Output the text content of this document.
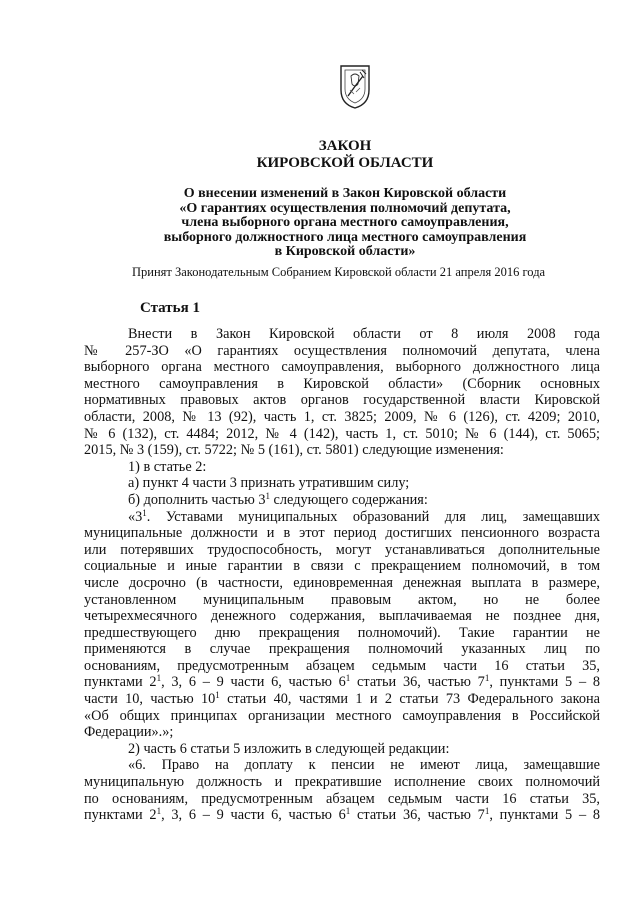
ЗАКОН
КИРОВСКОЙ ОБЛАСТИ
О внесении изменений в Закон Кировской области
«О гарантиях осуществления полномочий депутата,
члена выборного органа местного самоуправления,
выборного должностного лица местного самоуправления
в Кировской области»
Принят Законодательным Собранием Кировской области 21 апреля 2016 года
Статья 1

Внести в Закон Кировской области от 8 июля 2008 года

№ 257-ЗО «О гарантиях осуществления полномочий депутата, члена

выборного органа местного самоуправления, выборного должностного лица

местного самоуправления в Кировской области» (Сборник основных

нормативных правовых актов органов государственной власти Кировской

области, 2008, № 13 (92), часть 1, ст. 3825; 2009, № 6 (126), ст. 4209; 2010,

№ 6 (132), ст. 4484; 2012, № 4 (142), часть 1, ст. 5010; № 6 (144), ст. 5065;

2015, № 3 (159), ст. 5722; № 5 (161), ст. 5801) следующие изменения:

1) в статье 2:

а) пункт 4 части 3 признать утратившим силу;

б) дополнить частью $3^1$ следующего содержания:

«$3^1$. Уставами муниципальных образований для лиц, замещавших

муниципальные должности и в этот период достигших пенсионного возраста

или потерявших трудоспособность, могут устанавливаться дополнительные

социальные и иные гарантии в связи с прекращением полномочий, в том

числе досрочно (в частности, единовременная денежная выплата в размере,

установленном муниципальным правовым актом, но не более

четырехмесячного денежного содержания, выплачиваемая не позднее дня,

предшествующего дню прекращения полномочий). Такие гарантии не

применяются в случае прекращения полномочий указанных лиц по

основаниям, предусмотренным абзацем седьмым части 16 статьи 35,

пунктами $2^1$, 3, 6 – 9 части 6, частью $6^1$ статьи 36, частью $7^1$, пунктами 5 – 8

части 10, частью $10^1$ статьи 40, частями 1 и 2 статьи 73 Федерального закона

«Об общих принципах организации местного самоуправления в Российской

Федерации».»;

2) часть 6 статьи 5 изложить в следующей редакции:

«6. Право на доплату к пенсии не имеют лица, замещавшие

муниципальную должность и прекратившие исполнение своих полномочий

по основаниям, предусмотренным абзацем седьмым части 16 статьи 35,

пунктами $2^1$, 3, 6 – 9 части 6, частью $6^1$ статьи 36, частью $7^1$, пунктами 5 – 8
